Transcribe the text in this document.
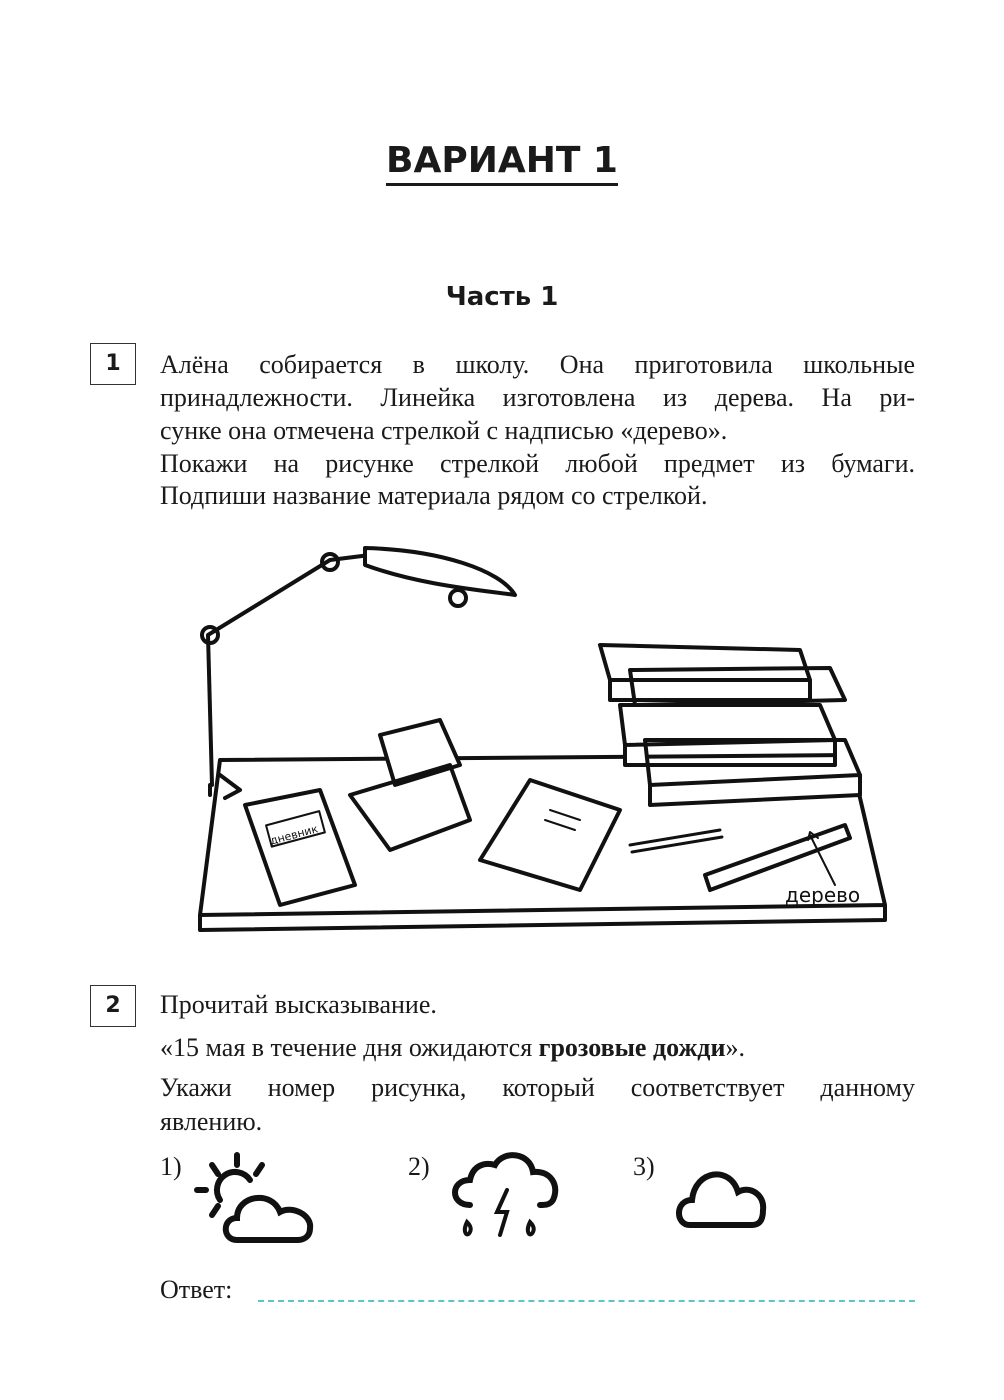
ВАРИАНТ 1
Часть 1
1	Алёна собирается в школу. Она приготовила школьные
принадлежности. Линейка изготовлена из дерева. На ри-
сунке она отмечена стрелкой с надписью «дерево».
Покажи на рисунке стрелкой любой предмет из бумаги.
Подпиши название материала рядом со стрелкой.
дневник
дерево
2	Прочитай высказывание.
«15 мая в течение дня ожидаются грозовые дожди».
Укажи номер рисунка, который соответствует данному
явлению.
1)	2)	3)
Ответ:
